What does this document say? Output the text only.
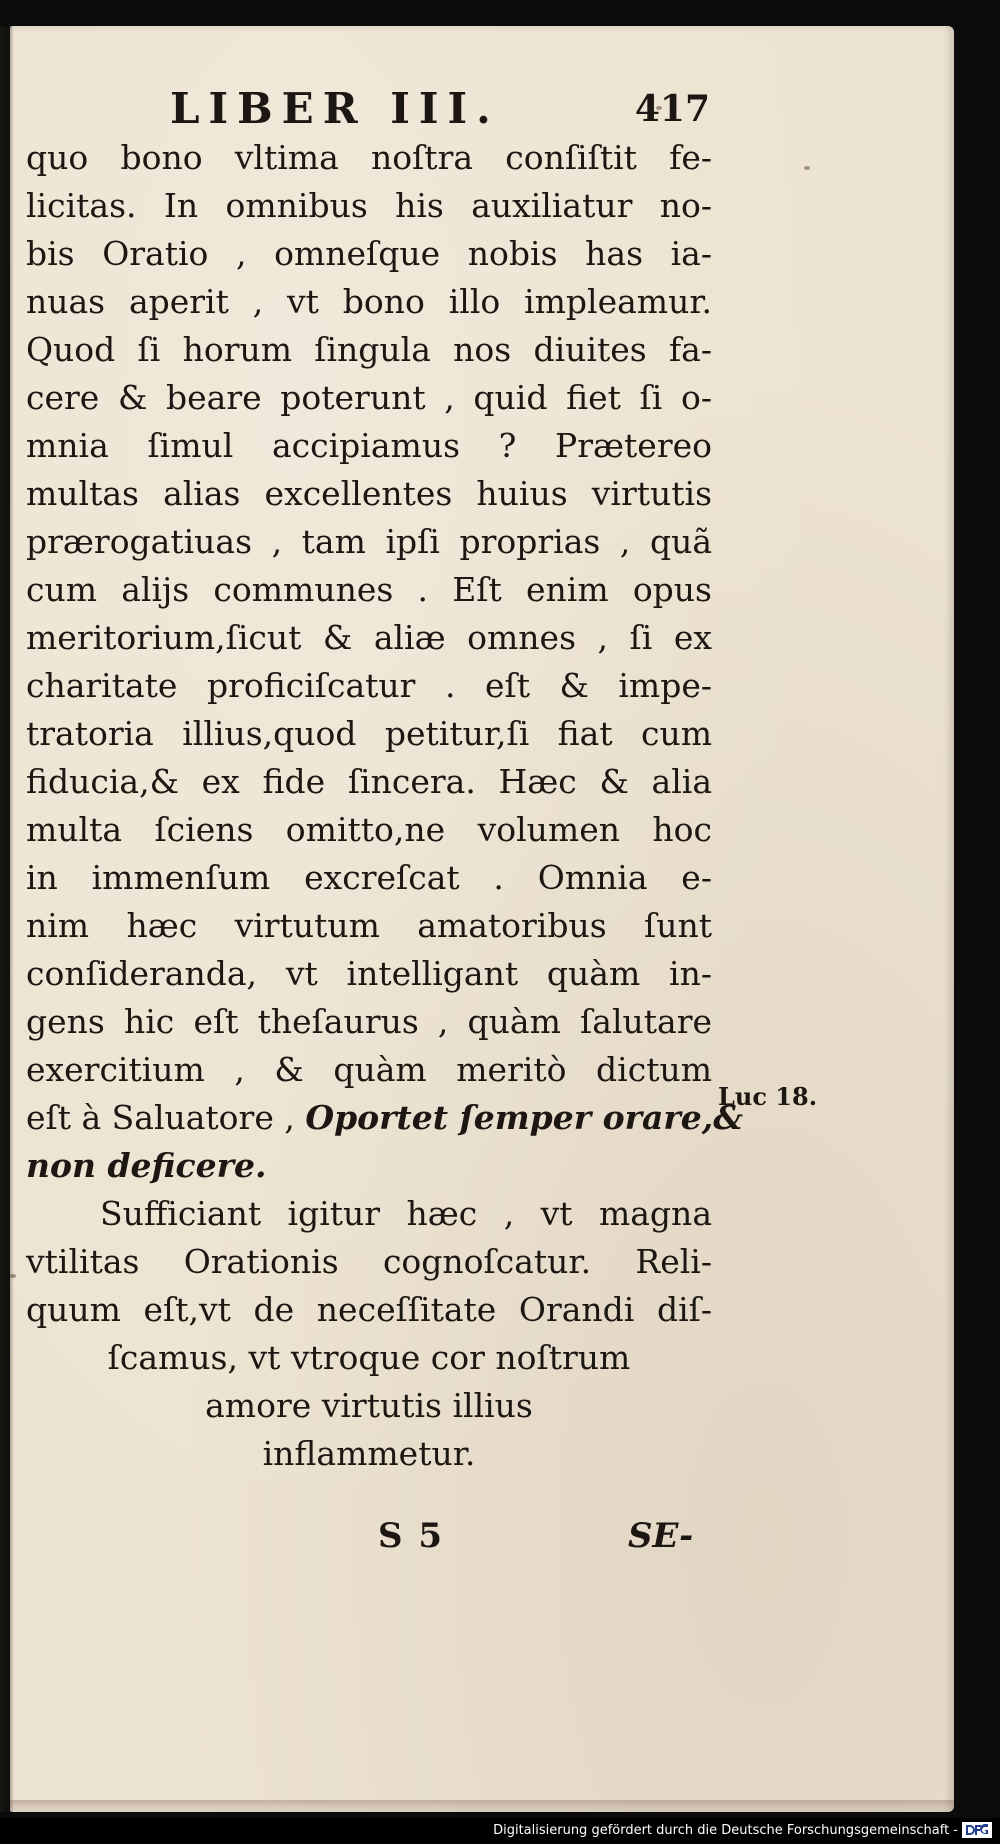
LIBER III.	417
quo bono vltima noſtra conſiſtit fe-
licitas. In omnibus his auxiliatur no-
bis Oratio , omneſque nobis has ia-
nuas aperit , vt bono illo impleamur.
Quod ſi horum ſingula nos diuites fa-
cere & beare poterunt , quid fiet ſi o-
mnia ſimul accipiamus ? Prætereo
multas alias excellentes huius virtutis
prærogatiuas , tam ipſi proprias , quã
cum alijs communes . Eſt enim opus
meritorium,ſicut & aliæ omnes , ſi ex
charitate proficiſcatur . eſt & impe-
tratoria illius,quod petitur,ſi fiat cum
fiducia,& ex fide ſincera. Hæc & alia
multa ſciens omitto,ne volumen hoc
in immenſum excreſcat . Omnia e-
nim hæc virtutum amatoribus ſunt
conſideranda, vt intelligant quàm in-
gens hic eſt theſaurus , quàm ſalutare
exercitium , & quàm meritò dictum
eſt à Saluatore , Oportet ſemper orare,&
non deficere.
Sufficiant igitur hæc , vt magna
vtilitas Orationis cognoſcatur. Reli-
quum eſt,vt de neceſſitate Orandi diſ-
ſcamus, vt vtroque cor noſtrum
amore virtutis illius
inflammetur.
Luc 18.
S 5	SE-
Digitalisierung gefördert durch die Deutsche Forschungsgemeinschaft -
